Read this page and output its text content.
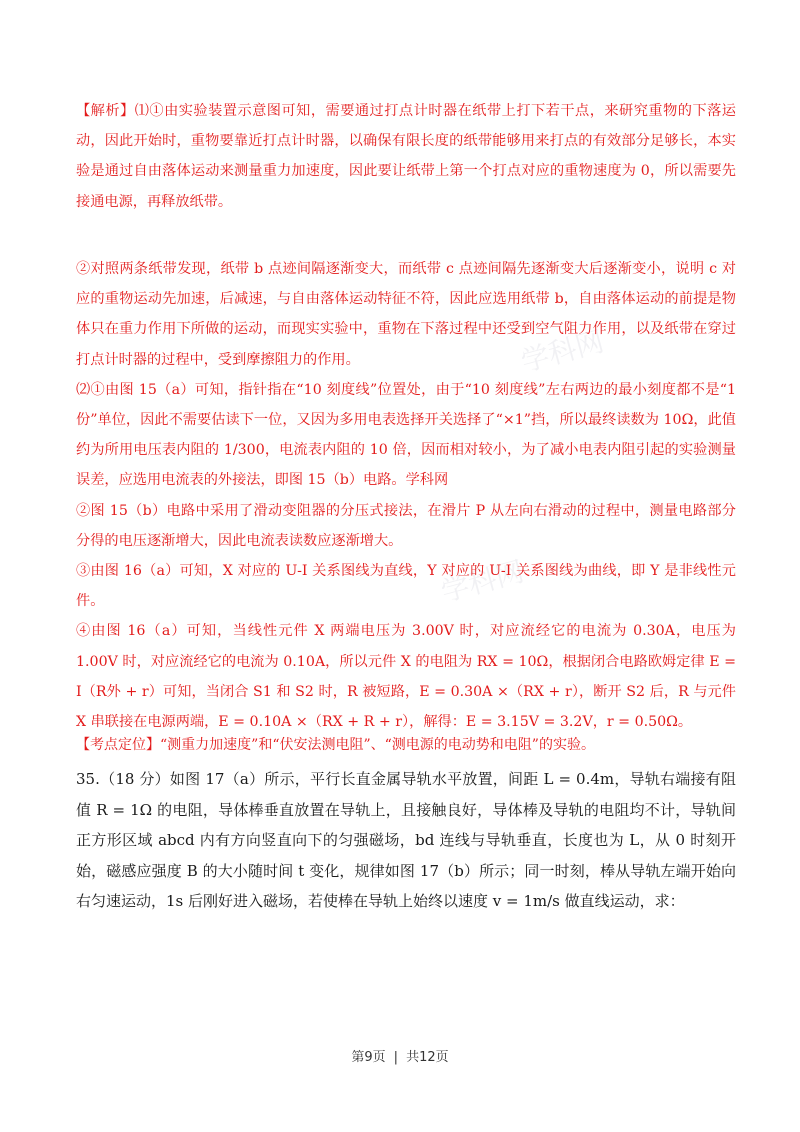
学科网
学科网

【解析】⑴①由实验装置示意图可知，需要通过打点计时器在纸带上打下若干点，来研究重物的下落运动，因此开始时，重物要靠近打点计时器，以确保有限长度的纸带能够用来打点的有效部分足够长，本实验是通过自由落体运动来测量重力加速度，因此要让纸带上第一个打点对应的重物速度为 0，所以需要先接通电源，再释放纸带。

②对照两条纸带发现，纸带 b 点迹间隔逐渐变大，而纸带 c 点迹间隔先逐渐变大后逐渐变小，说明 c 对应的重物运动先加速，后减速，与自由落体运动特征不符，因此应选用纸带 b，自由落体运动的前提是物体只在重力作用下所做的运动，而现实实验中，重物在下落过程中还受到空气阻力作用，以及纸带在穿过打点计时器的过程中，受到摩擦阻力的作用。

⑵①由图 15（a）可知，指针指在“10 刻度线”位置处，由于“10 刻度线”左右两边的最小刻度都不是“1 份”单位，因此不需要估读下一位，又因为多用电表选择开关选择了“×1”挡，所以最终读数为 10Ω，此值约为所用电压表内阻的 1/300，电流表内阻的 10 倍，因而相对较小，为了减小电表内阻引起的实验测量误差，应选用电流表的外接法，即图 15（b）电路。学科网

②图 15（b）电路中采用了滑动变阻器的分压式接法，在滑片 P 从左向右滑动的过程中，测量电路部分分得的电压逐渐增大，因此电流表读数应逐渐增大。

③由图 16（a）可知，X 对应的 U-I 关系图线为直线，Y 对应的 U-I 关系图线为曲线，即 Y 是非线性元件。

④由图 16（a）可知，当线性元件 X 两端电压为 3.00V 时，对应流经它的电流为 0.30A，电压为 1.00V 时，对应流经它的电流为 0.10A，所以元件 X 的电阻为 RX = 10Ω，根据闭合电路欧姆定律 E = I（R外 + r）可知，当闭合 S1 和 S2 时，R 被短路，E = 0.30A ×（RX + r），断开 S2 后，R 与元件 X 串联接在电源两端，E = 0.10A ×（RX + R + r），解得：E = 3.15V = 3.2V，r = 0.50Ω。

【考点定位】“测重力加速度”和“伏安法测电阻”、“测电源的电动势和电阻”的实验。

35.（18 分）如图 17（a）所示，平行长直金属导轨水平放置，间距 L = 0.4m，导轨右端接有阻值 R = 1Ω 的电阻，导体棒垂直放置在导轨上，且接触良好，导体棒及导轨的电阻均不计，导轨间正方形区域 abcd 内有方向竖直向下的匀强磁场，bd 连线与导轨垂直，长度也为 L，从 0 时刻开始，磁感应强度 B 的大小随时间 t 变化，规律如图 17（b）所示；同一时刻，棒从导轨左端开始向右匀速运动，1s 后刚好进入磁场，若使棒在导轨上始终以速度 v = 1m/s 做直线运动，求：

第9页 | 共12页
